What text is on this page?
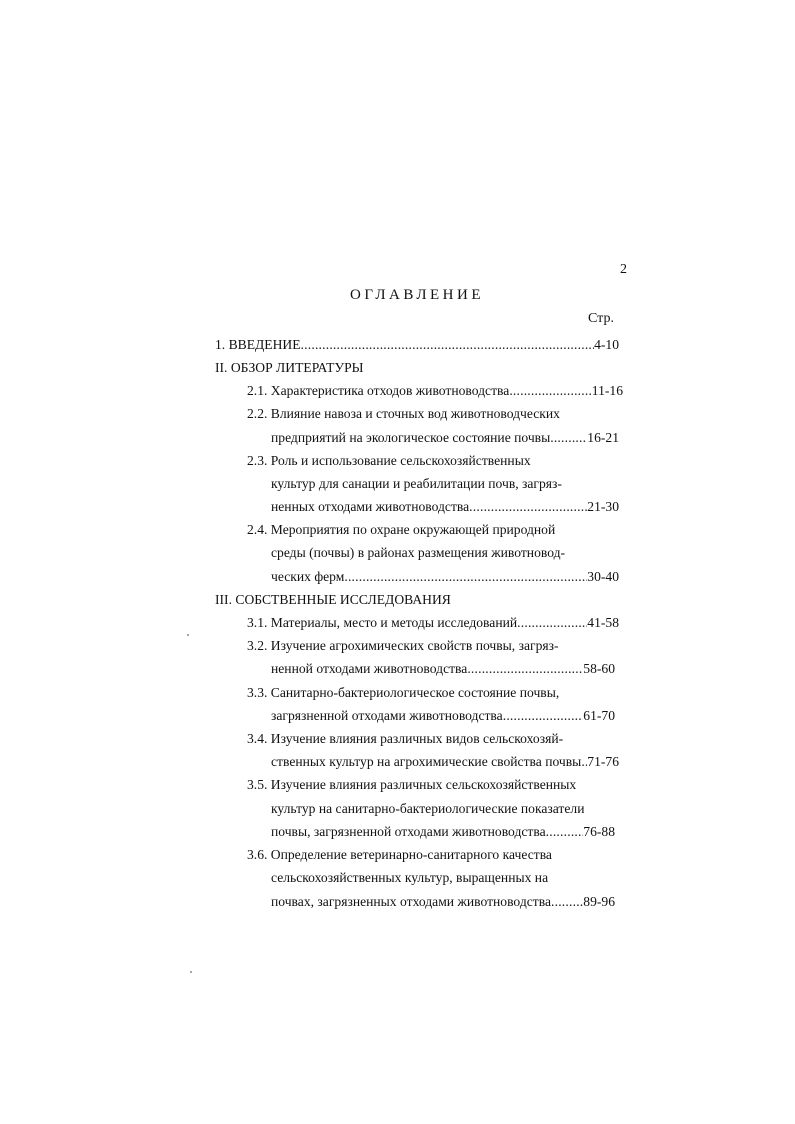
2
ОГЛАВЛЕНИЕ
Стр.
1. ВВЕДЕНИЕ .....	4-10
II. ОБЗОР ЛИТЕРАТУРЫ
2.1. Характеристика отходов животноводства .....	11-16
2.2. Влияние навоза и сточных вод животноводческих
предприятий на экологическое состояние почвы .....	16-21
2.3. Роль и использование сельскохозяйственных
культур для санации и реабилитации почв, загряз-
ненных отходами животноводства .....	21-30
2.4. Мероприятия по охране окружающей природной
среды (почвы) в районах размещения животновод-
ческих ферм .....	30-40
III. СОБСТВЕННЫЕ ИССЛЕДОВАНИЯ
3.1. Материалы, место и методы исследований .....	41-58
3.2. Изучение агрохимических свойств почвы, загряз-
ненной отходами животноводства .....	58-60
3.3. Санитарно-бактериологическое состояние почвы,
загрязненной отходами животноводства .....	61-70
3.4. Изучение влияния различных видов сельскохозяй-
ственных культур на агрохимические свойства почвы ..... 71-76
3.5. Изучение влияния различных сельскохозяйственных
культур на санитарно-бактериологические показатели
почвы, загрязненной отходами животноводства .....	76-88
3.6. Определение ветеринарно-санитарного качества
сельскохозяйственных культур, выращенных на
почвах, загрязненных отходами животноводства ..... 89-96
